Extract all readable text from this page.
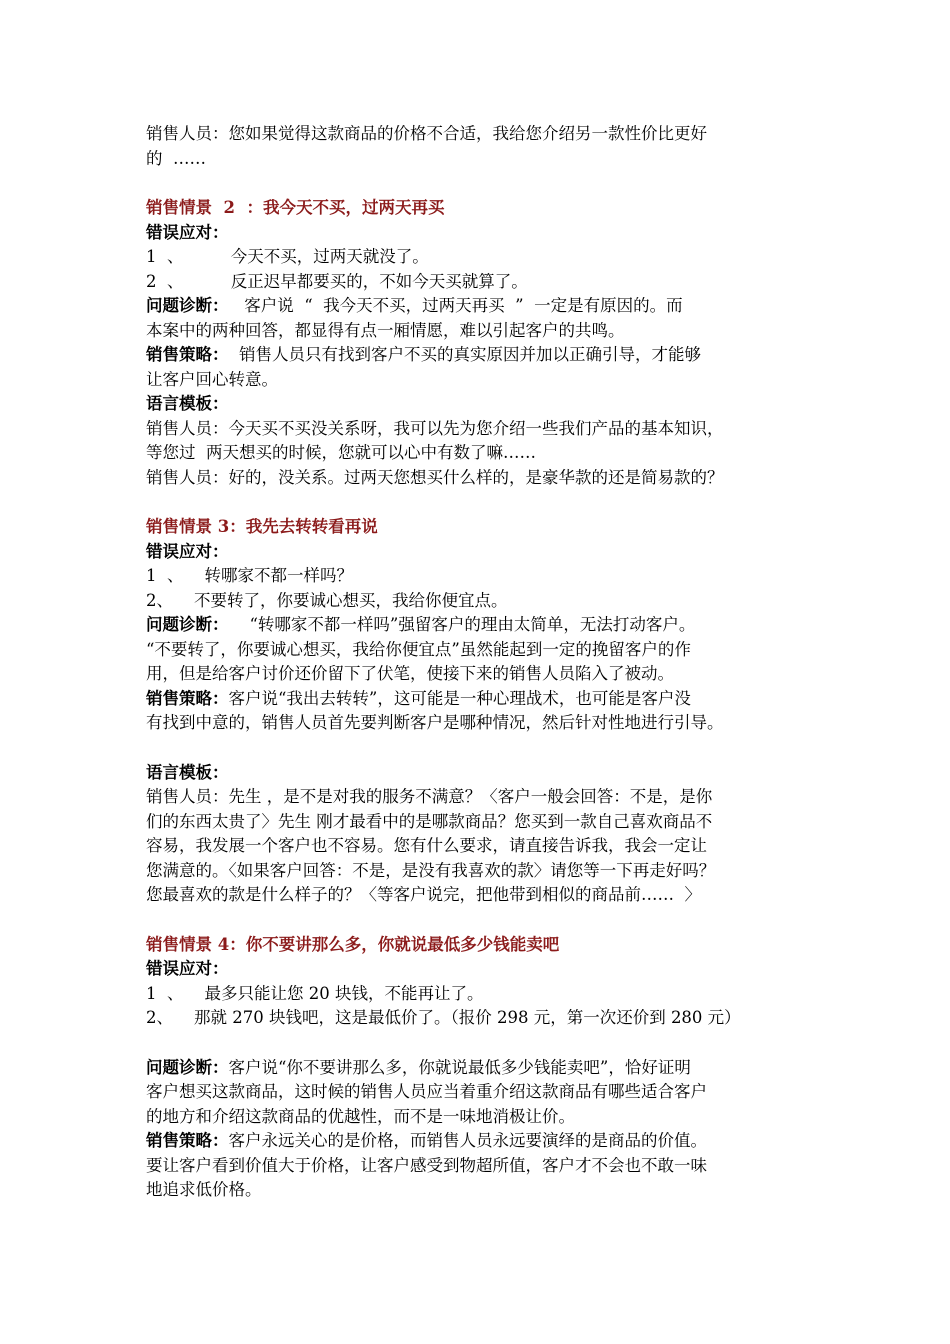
销售人员：您如果觉得这款商品的价格不合适，我给您介绍另一款性价比更好

的  ……

销售情景  2  ：我今天不买，过两天再买

错误应对：

1  、         今天不买，过两天就没了。

2  、         反正迟早都要买的，不如今天买就算了。

问题诊断：   客户说  “  我今天不买，过两天再买  ”  一定是有原因的。而

本案中的两种回答，都显得有点一厢情愿，难以引起客户的共鸣。

销售策略：  销售人员只有找到客户不买的真实原因并加以正确引导，才能够

让客户回心转意。

语言模板：

销售人员：今天买不买没关系呀，我可以先为您介绍一些我们产品的基本知识，

等您过  两天想买的时候，您就可以心中有数了嘛……

销售人员：好的，没关系。过两天您想买什么样的，是豪华款的还是简易款的？

销售情景 3：我先去转转看再说

错误应对：

1  、    转哪家不都一样吗？

2、    不要转了，你要诚心想买，我给你便宜点。

问题诊断：    “转哪家不都一样吗”强留客户的理由太简单，无法打动客户。

“不要转了，你要诚心想买，我给你便宜点”虽然能起到一定的挽留客户的作

用，但是给客户讨价还价留下了伏笔，使接下来的销售人员陷入了被动。

销售策略：客户说“我出去转转”，这可能是一种心理战术，也可能是客户没

有找到中意的，销售人员首先要判断客户是哪种情况，然后针对性地进行引导。

语言模板：

销售人员：先生 ，是不是对我的服务不满意？〈客户一般会回答：不是，是你

们的东西太贵了〉先生 刚才最看中的是哪款商品？您买到一款自己喜欢商品不

容易，我发展一个客户也不容易。您有什么要求，请直接告诉我，我会一定让

您满意的。〈如果客户回答：不是，是没有我喜欢的款〉请您等一下再走好吗？

您最喜欢的款是什么样子的？〈等客户说完，把他带到相似的商品前……  〉

销售情景 4：你不要讲那么多，你就说最低多少钱能卖吧

错误应对：

1  、    最多只能让您 20 块钱，不能再让了。

2、    那就 270 块钱吧，这是最低价了。（报价 298 元，第一次还价到 280 元）

问题诊断：客户说“你不要讲那么多，你就说最低多少钱能卖吧”，恰好证明

客户想买这款商品，这时候的销售人员应当着重介绍这款商品有哪些适合客户

的地方和介绍这款商品的优越性，而不是一味地消极让价。

销售策略：客户永远关心的是价格，而销售人员永远要演绎的是商品的价值。

要让客户看到价值大于价格，让客户感受到物超所值，客户才不会也不敢一味

地追求低价格。
